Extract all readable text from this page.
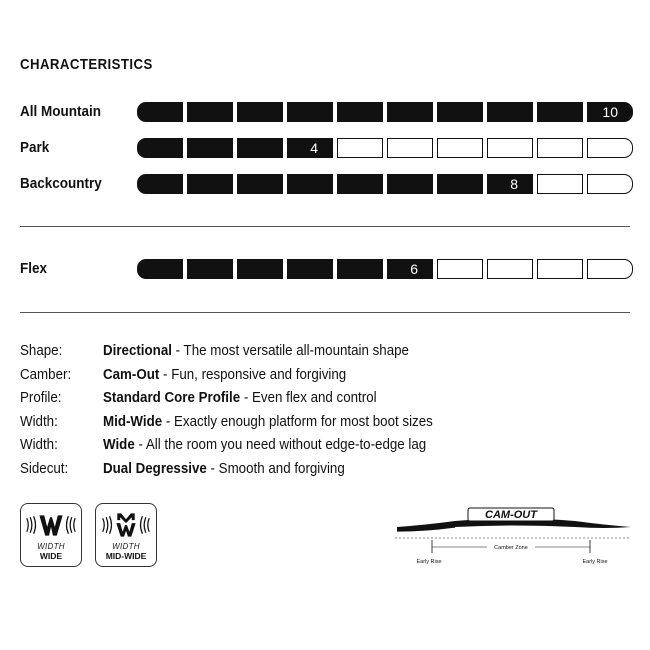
CHARACTERISTICS
All Mountain	10
Park	4
Backcountry	8
Flex	6
Shape:	Directional - The most versatile all-mountain shape
Camber: Cam-Out - Fun, responsive and forgiving
Profile:	Standard Core Profile - Even flex and control
Width:	Mid-Wide - Exactly enough platform for most boot sizes
Width:	Wide - All the room you need without edge-to-edge lag
Sidecut: Dual Degressive - Smooth and forgiving
WIDTH
WIDE
WIDTH
MID-WIDE
CAM-OUT
CAMBER
Camber Zone
Early Rise	Early Rise
